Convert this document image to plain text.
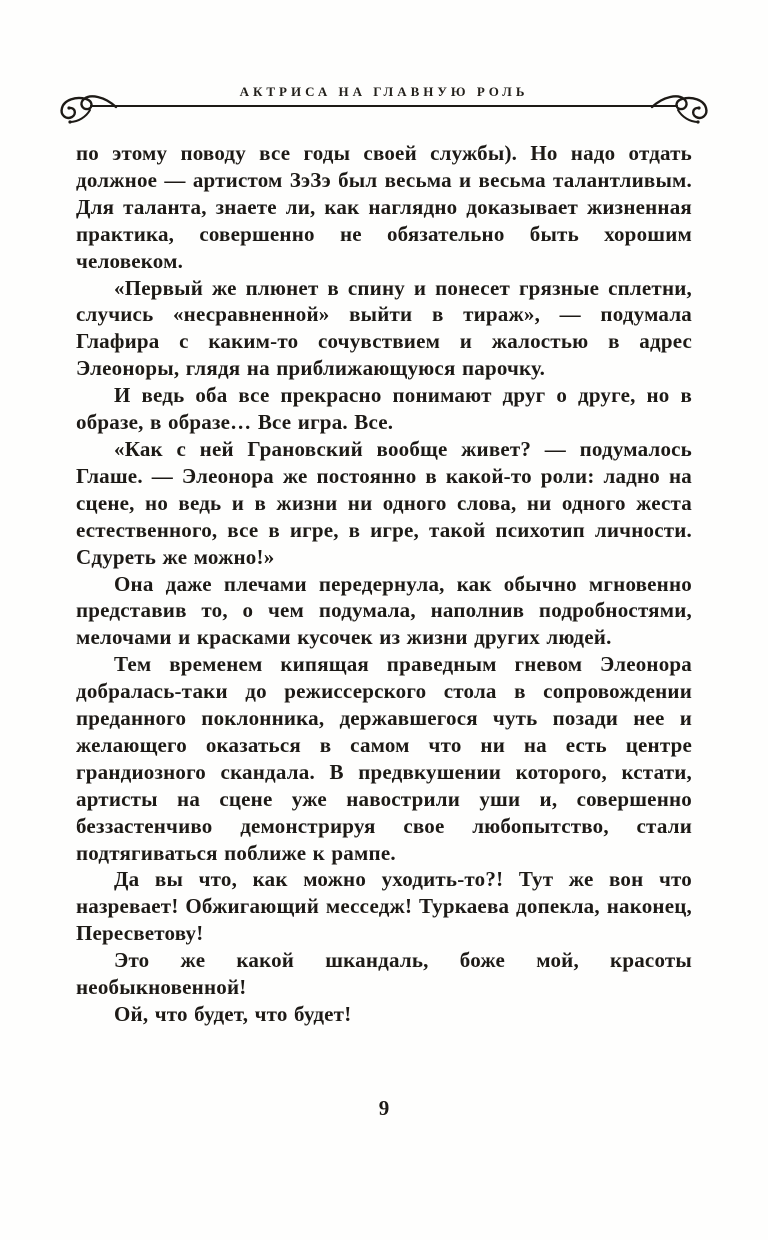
АКТРИСА НА ГЛАВНУЮ РОЛЬ

по этому поводу все годы своей службы). Но надо отдать должное — артистом ЗэЗэ был весьма и весьма талантливым. Для таланта, знаете ли, как наглядно доказывает жизненная практика, совершенно не обязательно быть хорошим человеком.

«Первый же плюнет в спину и понесет грязные сплетни, случись «несравненной» выйти в тираж», — подумала Глафира с каким-то сочувствием и жалостью в адрес Элеоноры, глядя на приближающуюся парочку.

И ведь оба все прекрасно понимают друг о друге, но в образе, в образе… Все игра. Все.

«Как с ней Грановский вообще живет? — подумалось Глаше. — Элеонора же постоянно в какой-то роли: ладно на сцене, но ведь и в жизни ни одного слова, ни одного жеста естественного, все в игре, в игре, такой психотип личности. Сдуреть же можно!»

Она даже плечами передернула, как обычно мгновенно представив то, о чем подумала, наполнив подробностями, мелочами и красками кусочек из жизни других людей.

Тем временем кипящая праведным гневом Элеонора добралась-таки до режиссерского стола в сопровождении преданного поклонника, державшегося чуть позади нее и желающего оказаться в самом что ни на есть центре грандиозного скандала. В предвкушении которого, кстати, артисты на сцене уже навострили уши и, совершенно беззастенчиво демонстрируя свое любопытство, стали подтягиваться поближе к рампе.

Да вы что, как можно уходить-то?! Тут же вон что назревает! Обжигающий месседж! Туркаева допекла, наконец, Пересветову!

Это же какой шкандаль, боже мой, красоты необыкновенной!

Ой, что будет, что будет!

9
